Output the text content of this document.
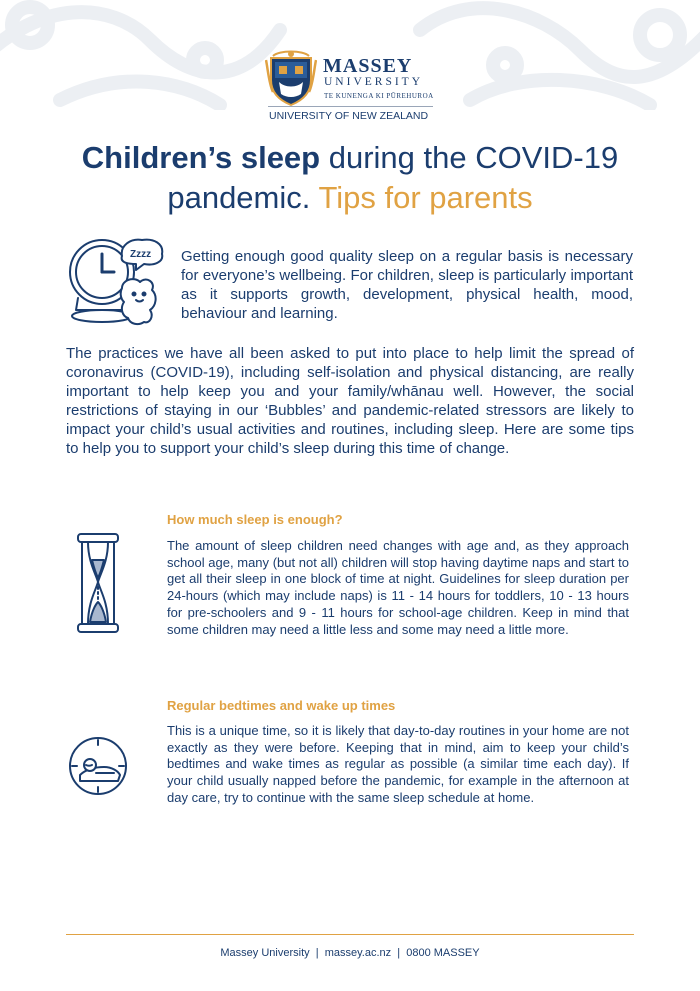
MASSEY
UNIVERSITY
TE KUNENGA KI PŪREHUROA
UNIVERSITY OF NEW ZEALAND
Children’s sleep during the COVID-19 pandemic. Tips for parents
Zzzz Getting enough good quality sleep on a regular basis is necessary for everyone’s wellbeing. For children, sleep is particularly important as it supports growth, development, physical health, mood, behaviour and learning.

The practices we have all been asked to put into place to help limit the spread of coronavirus (COVID-19), including self-isolation and physical distancing, are really important to help keep you and your family/whānau well. However, the social restrictions of staying in our ‘Bubbles’ and pandemic-related stressors are likely to impact your child’s usual activities and routines, including sleep. Here are some tips to help you to support your child’s sleep during this time of change.

How much sleep is enough?

The amount of sleep children need changes with age and, as they approach school age, many (but not all) children will stop having daytime naps and start to get all their sleep in one block of time at night. Guidelines for sleep duration per 24-hours (which may include naps) is 11 - 14 hours for toddlers, 10 - 13 hours for pre-schoolers and 9 - 11 hours for school-age children. Keep in mind that some children may need a little less and some may need a little more.

Regular bedtimes and wake up times

This is a unique time, so it is likely that day-to-day routines in your home are not exactly as they were before. Keeping that in mind, aim to keep your child’s bedtimes and wake times as regular as possible (a similar time each day). If your child usually napped before the pandemic, for example in the afternoon at day care, try to continue with the same sleep schedule at home.

Massey University  |  massey.ac.nz  |  0800 MASSEY
